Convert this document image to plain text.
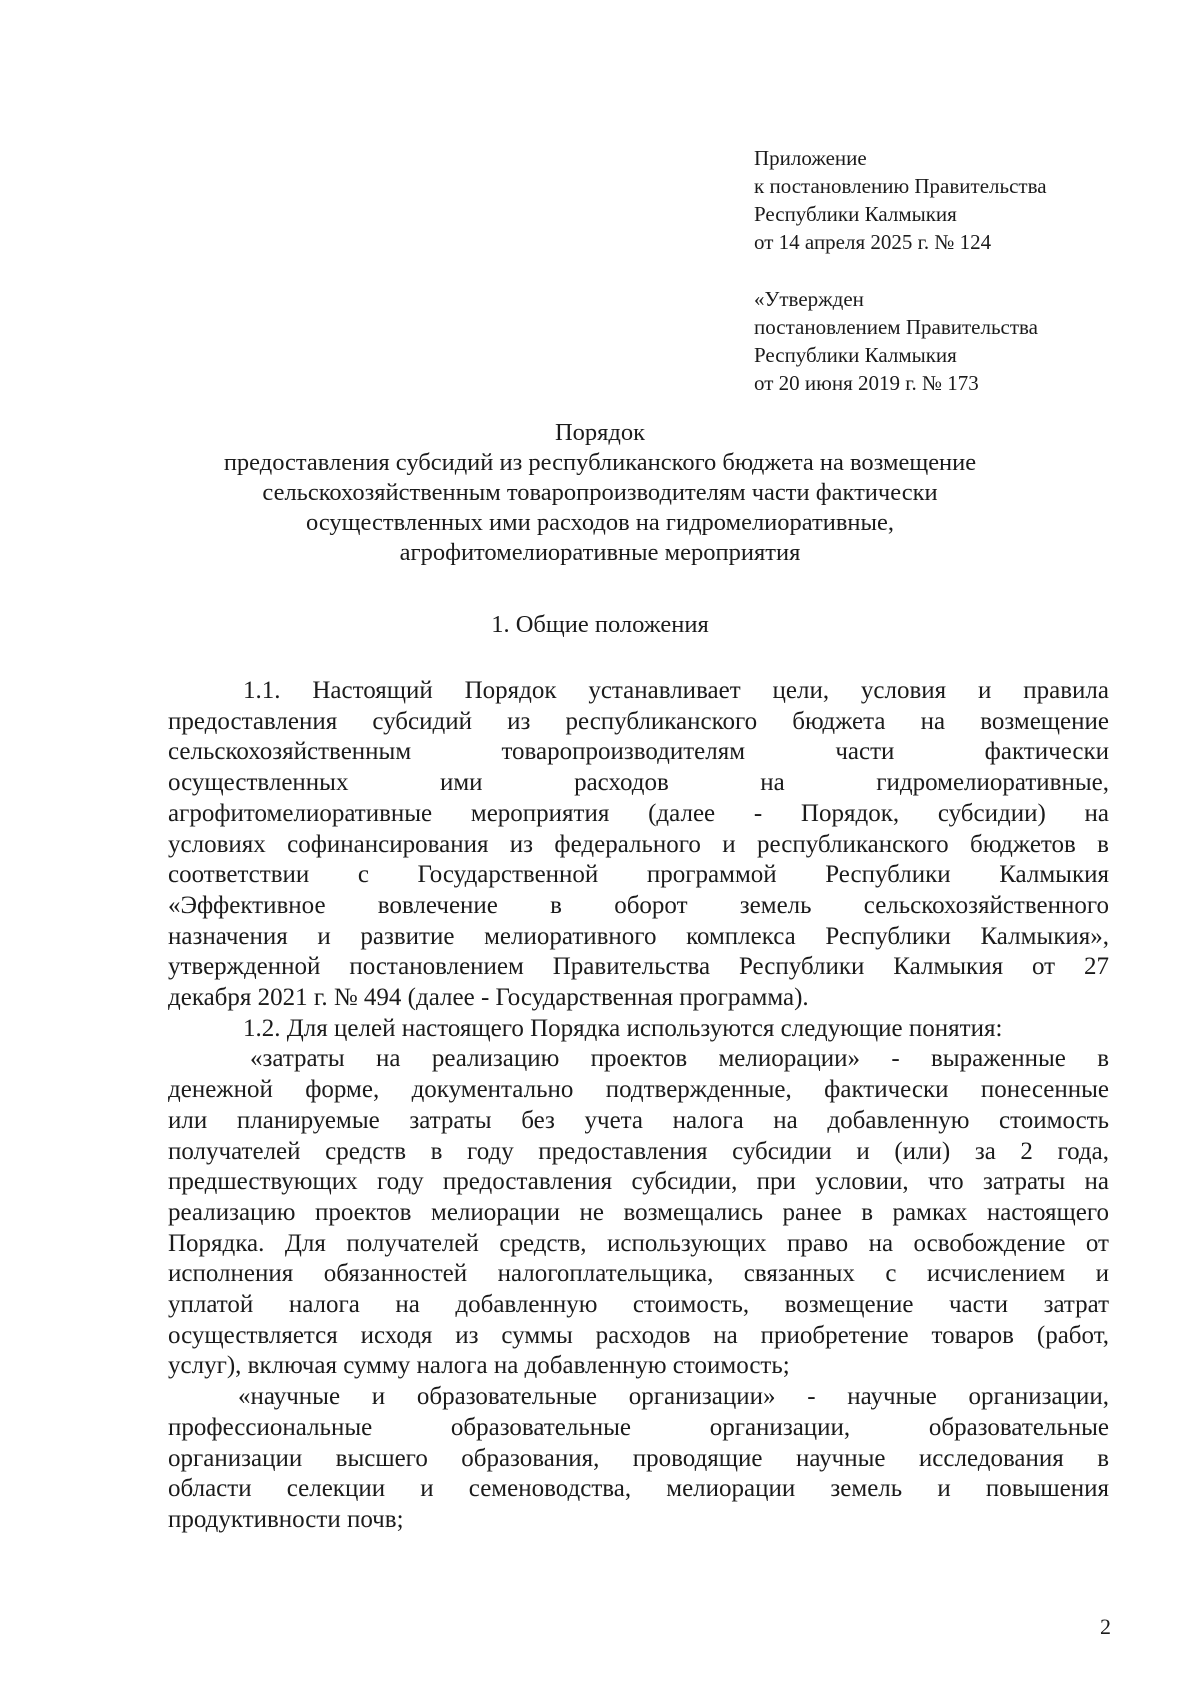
Приложение
к постановлению Правительства
Республики Калмыкия
от 14 апреля 2025 г. № 124
«Утвержден
постановлением Правительства
Республики Калмыкия
от 20 июня 2019 г. № 173
Порядок
предоставления субсидий из республиканского бюджета на возмещение
сельскохозяйственным товаропроизводителям части фактически
осуществленных ими расходов на гидромелиоративные,
агрофитомелиоративные мероприятия
1. Общие положения
1.1. Настоящий Порядок устанавливает цели, условия и правила
предоставления субсидий из республиканского бюджета на возмещение
сельскохозяйственным товаропроизводителям части фактически
осуществленных ими расходов на гидромелиоративные,
агрофитомелиоративные мероприятия (далее - Порядок, субсидии) на
условиях софинансирования из федерального и республиканского бюджетов в
соответствии с Государственной программой Республики Калмыкия
«Эффективное вовлечение в оборот земель сельскохозяйственного
назначения и развитие мелиоративного комплекса Республики Калмыкия»,
утвержденной постановлением Правительства Республики Калмыкия от 27
декабря 2021 г. № 494 (далее - Государственная программа).
1.2. Для целей настоящего Порядка используются следующие понятия:
«затраты на реализацию проектов мелиорации» - выраженные в
денежной форме, документально подтвержденные, фактически понесенные
или планируемые затраты без учета налога на добавленную стоимость
получателей средств в году предоставления субсидии и (или) за 2 года,
предшествующих году предоставления субсидии, при условии, что затраты на
реализацию проектов мелиорации не возмещались ранее в рамках настоящего
Порядка. Для получателей средств, использующих право на освобождение от
исполнения обязанностей налогоплательщика, связанных с исчислением и
уплатой налога на добавленную стоимость, возмещение части затрат
осуществляется исходя из суммы расходов на приобретение товаров (работ,
услуг), включая сумму налога на добавленную стоимость;
«научные и образовательные организации» - научные организации,
профессиональные образовательные организации, образовательные
организации высшего образования, проводящие научные исследования в
области селекции и семеноводства, мелиорации земель и повышения
продуктивности почв;
2
